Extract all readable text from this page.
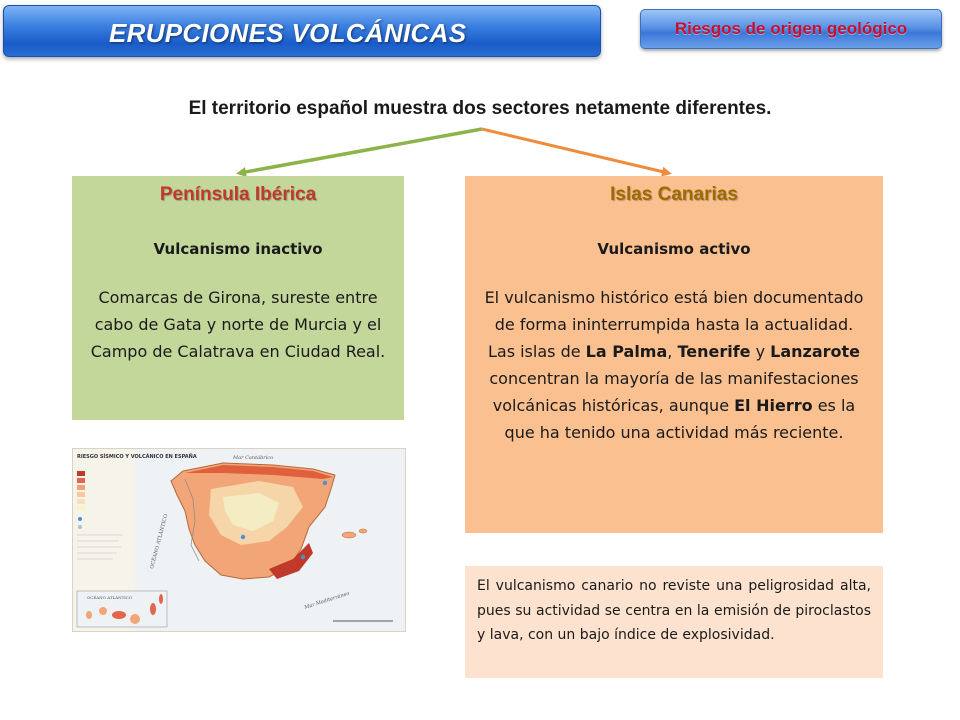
ERUPCIONES VOLCÁNICAS	Riesgos de origen geológico
El territorio español muestra dos sectores netamente diferentes.
Península Ibérica
Vulcanismo inactivo
Comarcas de Girona, sureste entre cabo de Gata y norte de Murcia y el Campo de Calatrava en Ciudad Real.
Islas Canarias
Vulcanismo activo
El vulcanismo histórico está bien documentado de forma ininterrumpida hasta la actualidad.
Las islas de La Palma, Tenerife y Lanzarote concentran la mayoría de las manifestaciones volcánicas históricas, aunque El Hierro es la que ha tenido una actividad más reciente.
RIESGO SÍSMICO Y VOLCÁNICO EN ESPAÑA	Mar Cantábrico
OCÉANO ATLÁNTICO
Mar Mediterráneo
OCÉANO ATLÁNTICO
El vulcanismo canario no reviste una peligrosidad alta, pues su actividad se centra en la emisión de piroclastos y lava, con un bajo índice de explosividad.
